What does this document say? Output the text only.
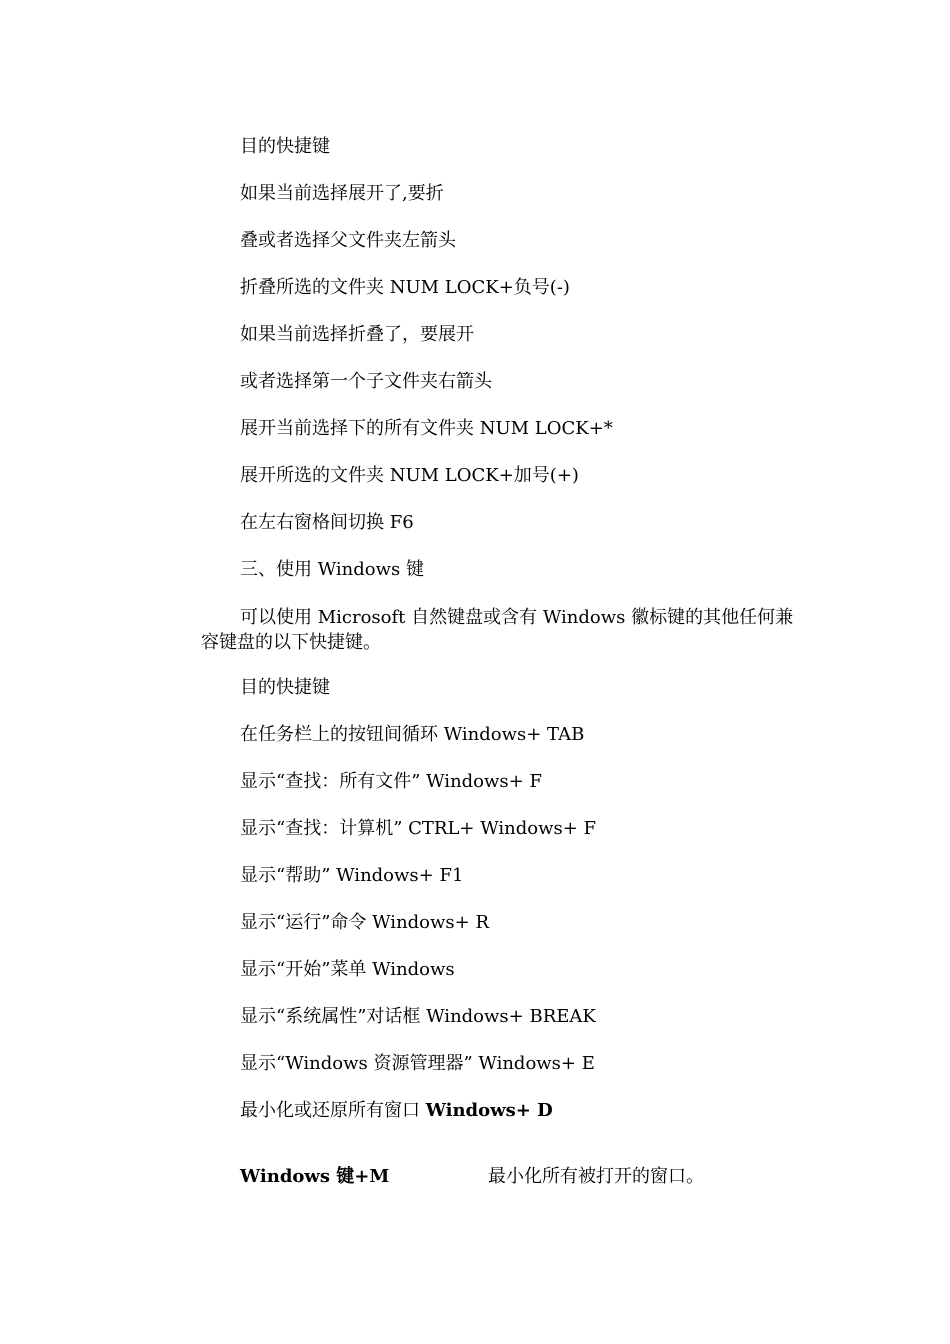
目的快捷键
如果当前选择展开了,要折
叠或者选择父文件夹左箭头
折叠所选的文件夹 NUM LOCK+负号(-)
如果当前选择折叠了，要展开
或者选择第一个子文件夹右箭头
展开当前选择下的所有文件夹 NUM LOCK+*
展开所选的文件夹 NUM LOCK+加号(+)
在左右窗格间切换 F6
三、使用 Windows 键
可以使用 Microsoft 自然键盘或含有 Windows 徽标键的其他任何兼容键盘的以下快捷键。
目的快捷键
在任务栏上的按钮间循环 Windows+ TAB
显示“查找：所有文件” Windows+ F
显示“查找：计算机” CTRL+ Windows+ F
显示“帮助” Windows+ F1
显示“运行”命令 Windows+ R
显示“开始”菜单 Windows
显示“系统属性”对话框 Windows+ BREAK
显示“Windows 资源管理器” Windows+ E
最小化或还原所有窗口 Windows+ D
Windows 键+M	最小化所有被打开的窗口。
